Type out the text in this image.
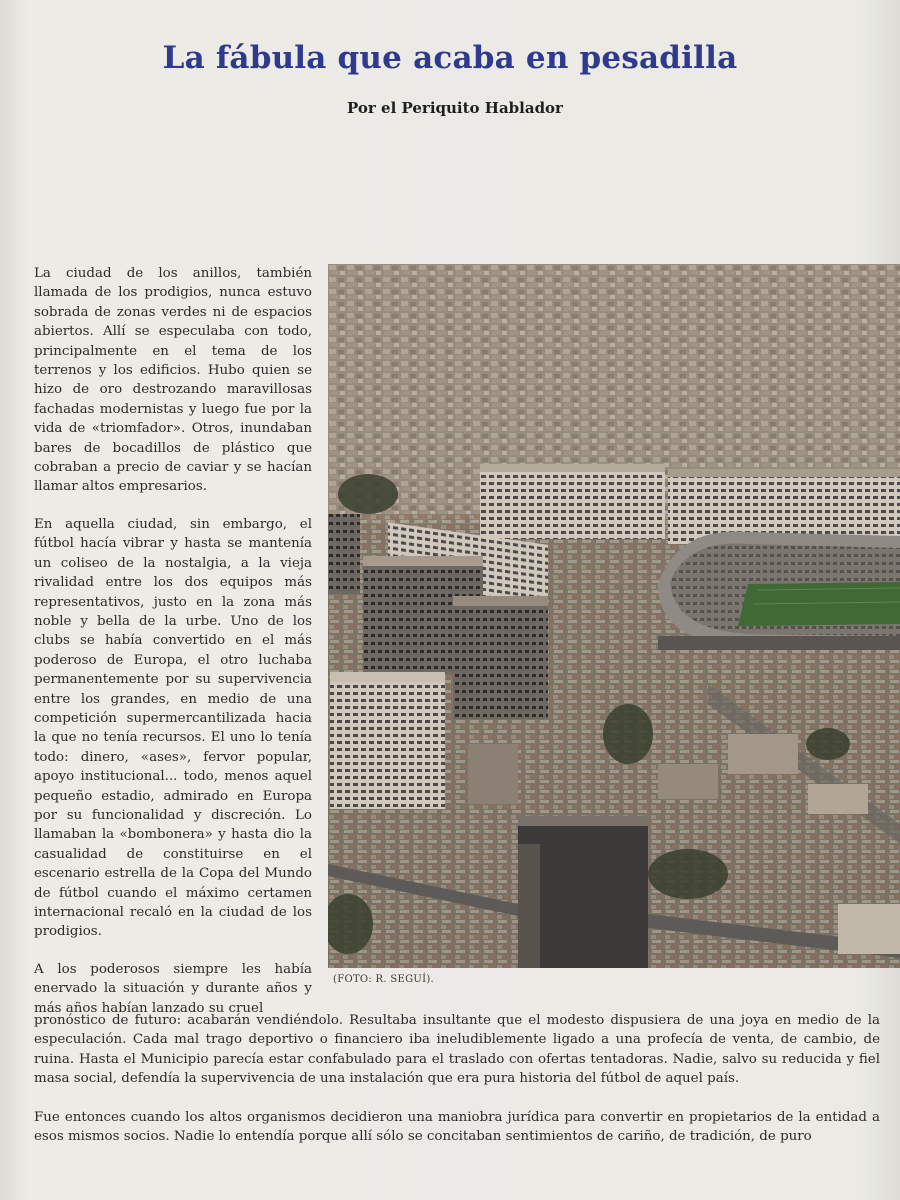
La fábula que acaba en pesadilla
Por el Periquito Hablador

La ciudad de los anillos, también llamada de los prodigios, nunca estuvo sobrada de zonas verdes ni de espacios abiertos. Allí se especulaba con todo, principalmente en el tema de los terrenos y los edificios. Hubo quien se hizo de oro destrozando maravillosas fachadas modernistas y luego fue por la vida de «triomfador». Otros, inundaban bares de bocadillos de plástico que cobraban a precio de caviar y se hacían llamar altos empresarios.

En aquella ciudad, sin embargo, el fútbol hacía vibrar y hasta se mantenía un coliseo de la nostalgia, a la vieja rivalidad entre los dos equipos más representativos, justo en la zona más noble y bella de la urbe. Uno de los clubs se había convertido en el más poderoso de Europa, el otro luchaba permanentemente por su supervivencia entre los grandes, en medio de una competición supermercantilizada hacia la que no tenía recursos. El uno lo tenía todo: dinero, «ases», fervor popular, apoyo institucional... todo, menos aquel pequeño estadio, admirado en Europa por su funcionalidad y discreción. Lo llamaban la «bombonera» y hasta dio la casualidad de constituirse en el escenario estrella de la Copa del Mundo de fútbol cuando el máximo certamen internacional recaló en la ciudad de los prodigios.

A los poderosos siempre les había enervado la situación y durante años y más años habían lanzado su cruel

pronóstico de futuro: acabarán vendiéndolo. Resultaba insultante que el modesto dispusiera de una joya en medio de la especulación. Cada mal trago deportivo o financiero iba ineludiblemente ligado a una profecía de venta, de cambio, de ruina. Hasta el Municipio parecía estar confabulado para el traslado con ofertas tentadoras. Nadie, salvo su reducida y fiel masa social, defendía la supervivencia de una instalación que era pura historia del fútbol de aquel país.

Fue entonces cuando los altos organismos decidieron una maniobra jurídica para convertir en propietarios de la entidad a esos mismos socios. Nadie lo entendía porque allí sólo se concitaban sentimientos de cariño, de tradición, de puro

(FOTO: R. SEGUÍ).
